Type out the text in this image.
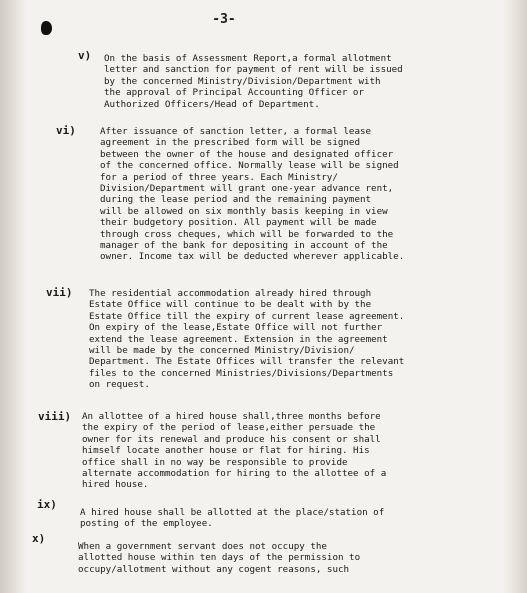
-3-
v) On the basis of Assessment Report,a formal allotment
letter and sanction for payment of rent will be issued
by the concerned Ministry/Division/Department with
the approval of Principal Accounting Officer or
Authorized Officers/Head of Department.
vi)	After issuance of sanction letter, a formal lease
agreement in the prescribed form will be signed
between the owner of the house and designated officer
of the concerned office. Normally lease will be signed
for a period of three years. Each Ministry/
Division/Department will grant one-year advance rent,
during the lease period and the remaining payment
will be allowed on six monthly basis keeping in view
their budgetory position. All payment will be made
through cross cheques, which will be forwarded to the
manager of the bank for depositing in account of the
owner. Income tax will be deducted wherever applicable.
vii) The residential accommodation already hired through
Estate Office will continue to be dealt with by the
Estate Office till the expiry of current lease agreement.
On expiry of the lease,Estate Office will not further
extend the lease agreement. Extension in the agreement
will be made by the concerned Ministry/Division/
Department. The Estate Offices will transfer the relevant
files to the concerned Ministries/Divisions/Departments
on request.
viii) An allottee of a hired house shall,three months before
the expiry of the period of lease,either persuade the
owner for its renewal and produce his consent or shall
himself locate another house or flat for hiring. His
office shall in no way be responsible to provide
alternate accommodation for hiring to the allottee of a
hired house.
ix)
A hired house shall be allotted at the place/station of
posting of the employee.
x)
When a government servant does not occupy the
allotted house within ten days of the permission to
occupy/allotment without any cogent reasons, such
